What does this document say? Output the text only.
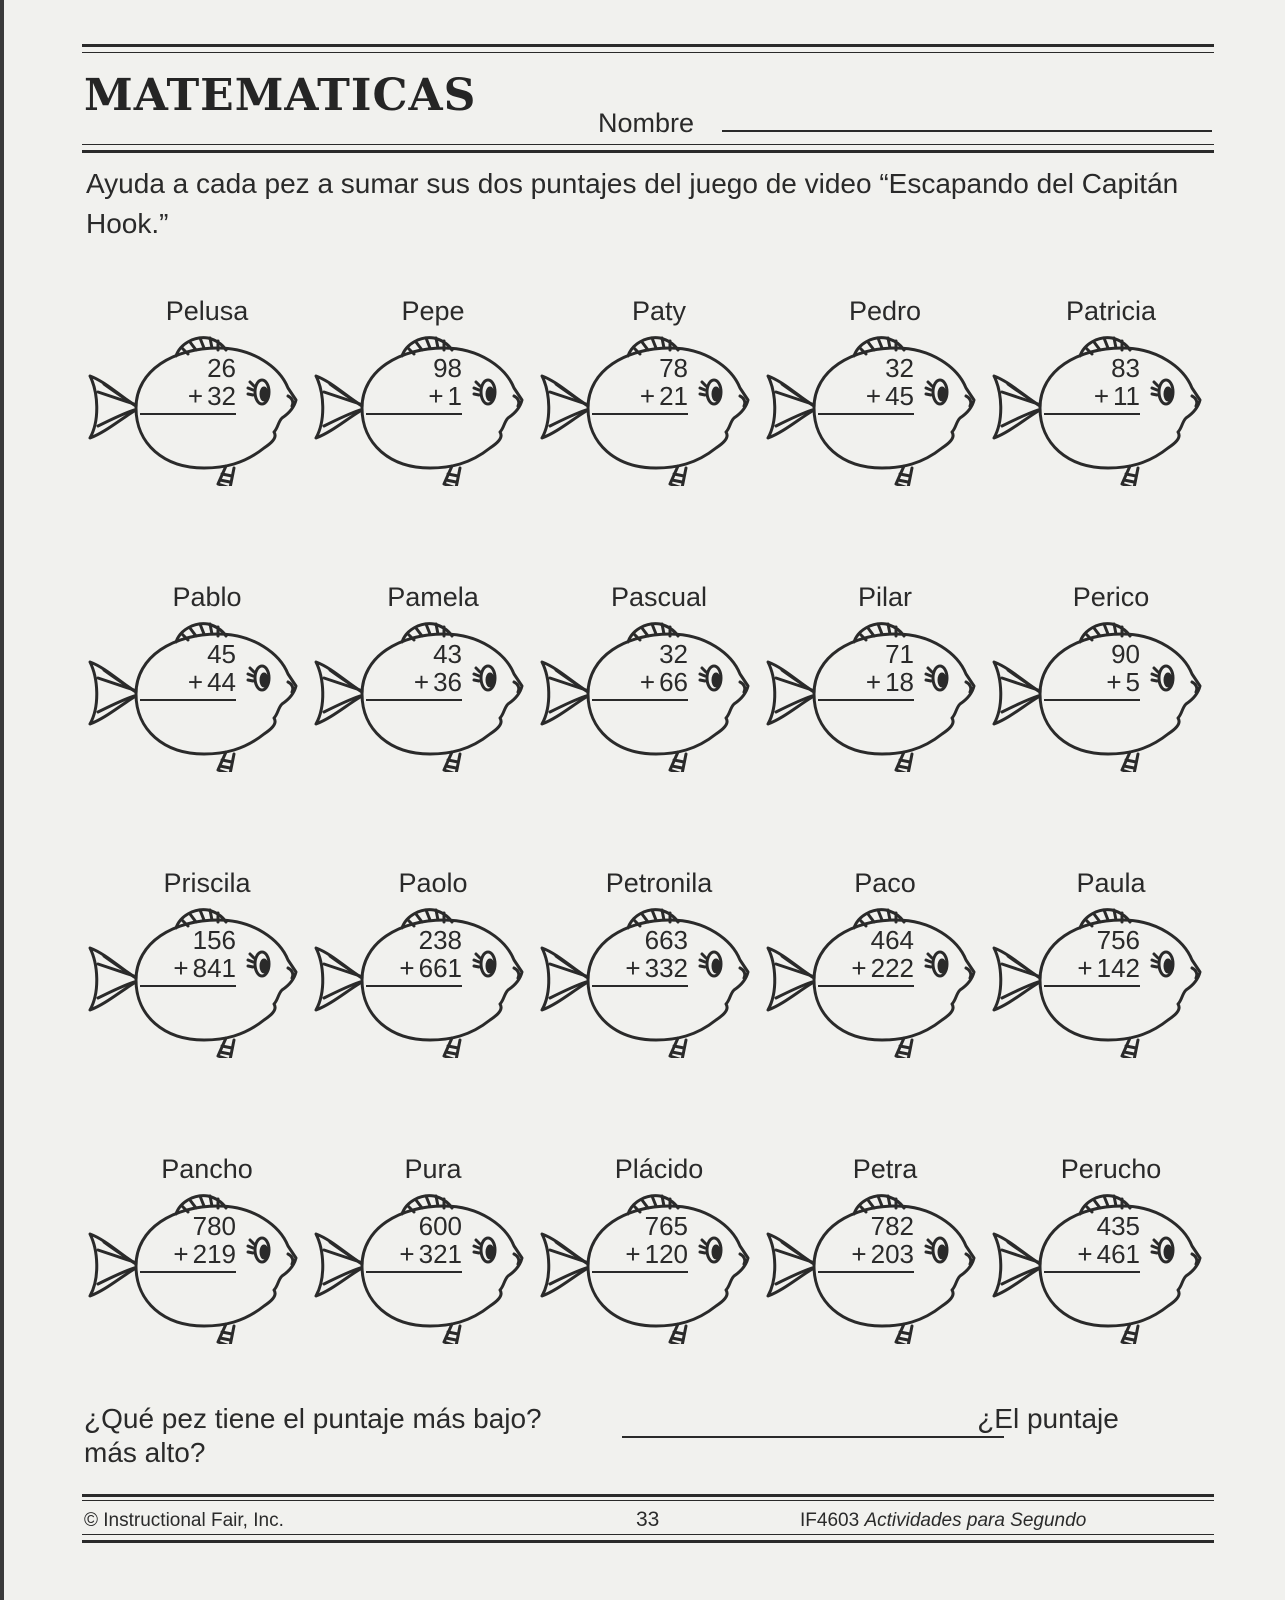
MATEMATICAS
Nombre
Ayuda a cada pez a sumar sus dos puntajes del juego de video “Escapando del Capitán Hook.”
Pelusa
26
+ 32
Pepe
98
+ 1
Paty
78
+ 21
Pedro
32
+ 45
Patricia
83
+ 11
Pablo
45
+ 44
Pamela
43
+ 36
Pascual
32
+ 66
Pilar
71
+ 18
Perico
90
+ 5
Priscila
156
+ 841
Paolo
238
+ 661
Petronila
663
+ 332
Paco
464
+ 222
Paula
756
+ 142
Pancho
780
+ 219
Pura
600
+ 321
Plácido
765
+ 120
Petra
782
+ 203
Perucho
435
+ 461
¿Qué pez tiene el puntaje más bajo?	¿El puntaje
más alto?
© Instructional Fair, Inc.	33	IF4603 Actividades para Segundo
